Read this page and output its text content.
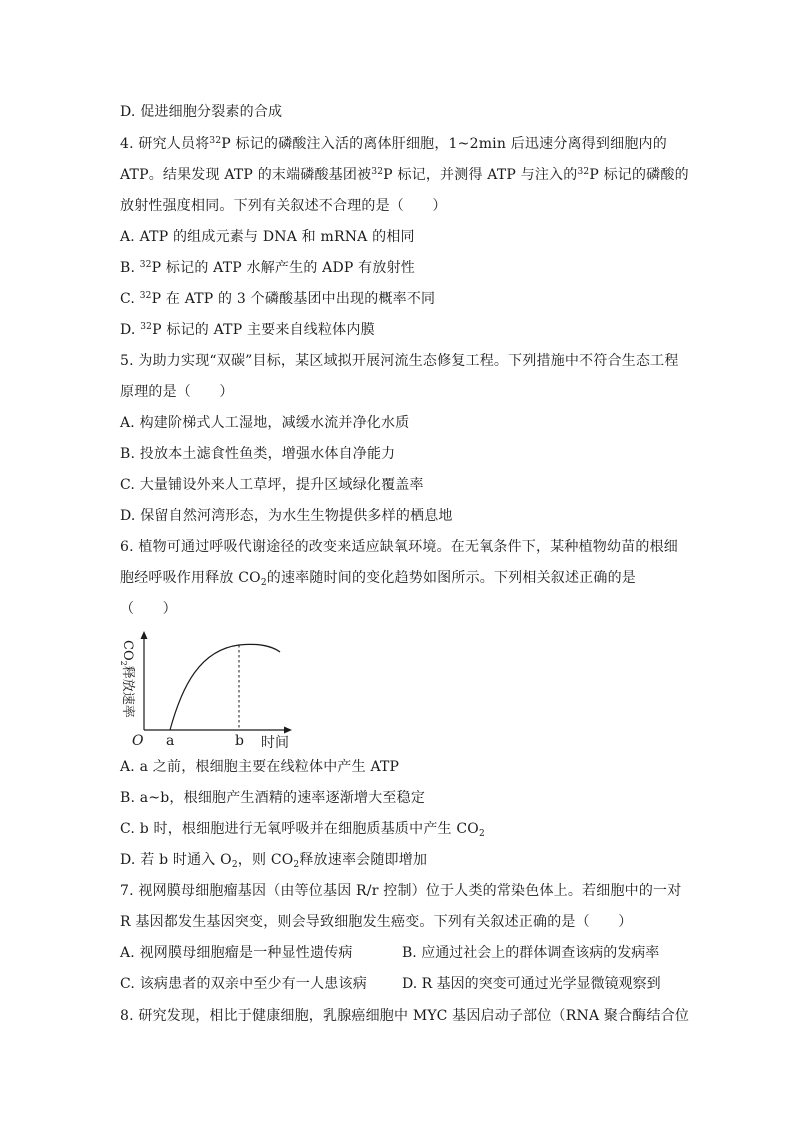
D. 促进细胞分裂素的合成
4. 研究人员将$^{32}$P 标记的磷酸注入活的离体肝细胞，1~2min 后迅速分离得到细胞内的
ATP。结果发现 ATP 的末端磷酸基团被$^{32}$P 标记，并测得 ATP 与注入的$^{32}$P 标记的磷酸的
放射性强度相同。下列有关叙述不合理的是（　　）
A. ATP 的组成元素与 DNA 和 mRNA 的相同
B. $^{32}$P 标记的 ATP 水解产生的 ADP 有放射性
C. $^{32}$P 在 ATP 的 3 个磷酸基团中出现的概率不同
D. $^{32}$P 标记的 ATP 主要来自线粒体内膜
5. 为助力实现“双碳”目标，某区域拟开展河流生态修复工程。下列措施中不符合生态工程
原理的是（　　）
A. 构建阶梯式人工湿地，减缓水流并净化水质
B. 投放本土滤食性鱼类，增强水体自净能力
C. 大量铺设外来人工草坪，提升区域绿化覆盖率
D. 保留自然河湾形态，为水生生物提供多样的栖息地
6. 植物可通过呼吸代谢途径的改变来适应缺氧环境。在无氧条件下，某种植物幼苗的根细
胞经呼吸作用释放 $CO_2$的速率随时间的变化趋势如图所示。下列相关叙述正确的是
（　　）
$CO_2$释放速率
O a	b 时间
A. a 之前，根细胞主要在线粒体中产生 ATP
B. a~b，根细胞产生酒精的速率逐渐增大至稳定
C. b 时，根细胞进行无氧呼吸并在细胞质基质中产生 $CO_2$
D. 若 b 时通入 $O_2$，则 $CO_2$释放速率会随即增加
7. 视网膜母细胞瘤基因（由等位基因 R/r 控制）位于人类的常染色体上。若细胞中的一对
R 基因都发生基因突变，则会导致细胞发生癌变。下列有关叙述正确的是（　　）
A. 视网膜母细胞瘤是一种显性遗传病	B. 应通过社会上的群体调查该病的发病率
C. 该病患者的双亲中至少有一人患该病	D. R 基因的突变可通过光学显微镜观察到
8. 研究发现，相比于健康细胞，乳腺癌细胞中 MYC 基因启动子部位（RNA 聚合酶结合位
